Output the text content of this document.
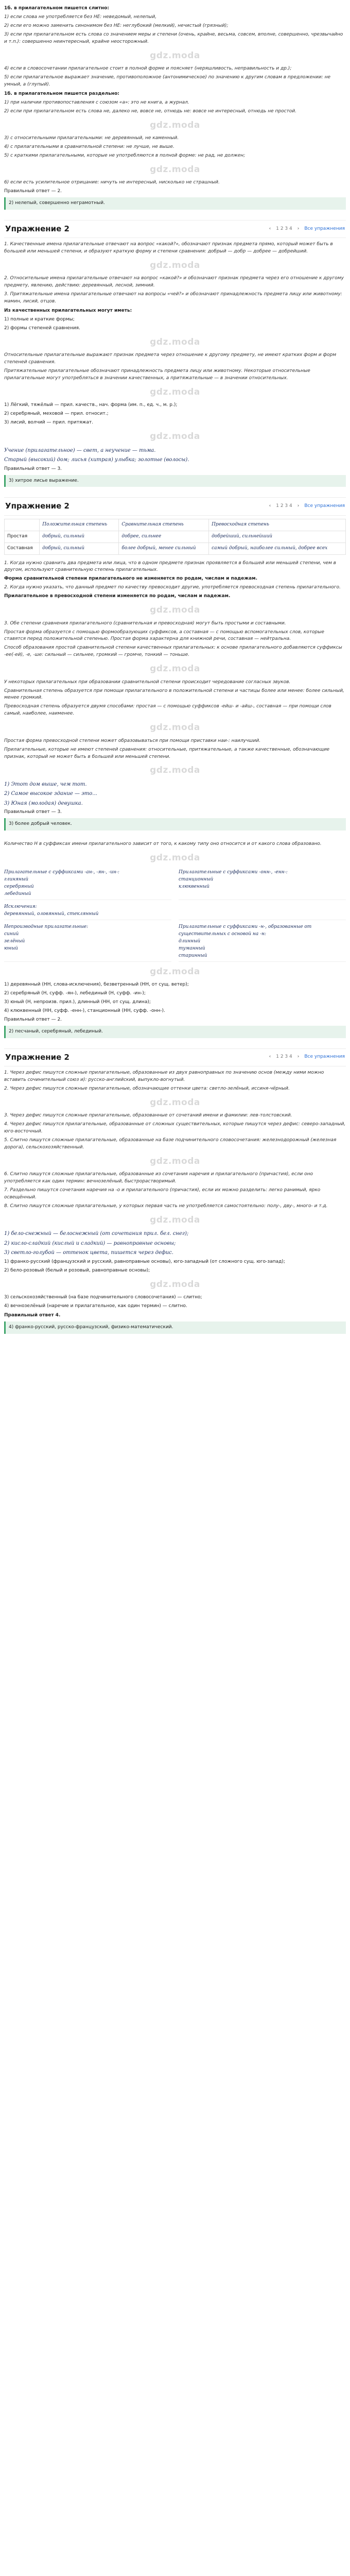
1б. в прилагательном пишется слитно:
1) если слова не употребляется без НЕ: неведомый, нелепый,
2) если его можно заменить синонимом без НЕ: неглубокий (мелкий), нечистый (грязный);
3) если при прилагательном есть слова со значением меры и степени (очень, крайне, весьма, совсем, вполне, совершенно, чрезвычайно и т.п.): совершенно неинтересный, крайне неосторожный.
gdz.moda
4) если в словосочетании прилагательное стоит в полной форме и поясняет (неряшливость, неправильность и др.);
5) если прилагательное выражает значение, противоположное (антонимическое) по значению к другим словам в предложении: не умный, а (глупый).
1б. в прилагательном пишется раздельно:
1) при наличии противопоставления с союзом «а»: это не книга, а журнал.
2) если при прилагательном есть слова не, далеко не, вовсе не, отнюдь не: вовсе не интересный, отнюдь не простой.
gdz.moda
3) с относительными прилагательными: не деревянный, не каменный.
4) с прилагательными в сравнительной степени: не лучше, не выше.
5) с краткими прилагательными, которые не употребляются в полной форме: не рад, не должен;
gdz.moda
6) если есть усилительное отрицание: ничуть не интересный, нисколько не страшный.
Правильный ответ — 2.
2) нелепый, совершенно неграмотный.
Упражнение 2	‹ 1 2 3 4 › Все упражнения
1. Качественные имена прилагательные отвечают на вопрос «какой?», обозначают признак предмета прямо, который может быть в большей или меньшей степени, и образуют краткую форму и степени сравнения: добрый — добр — добрее — добрейший.
gdz.moda
2. Относительные имена прилагательные отвечают на вопрос «какой?» и обозначают признак предмета через его отношение к другому предмету, явлению, действию: деревянный, лесной, зимний.
3. Притяжательные имена прилагательные отвечают на вопросы «чей?» и обозначают принадлежность предмета лицу или животному: мамин, лисий, отцов.
Из качественных прилагательных могут иметь:
1) полные и краткие формы;
2) формы степеней сравнения.
gdz.moda
Относительные прилагательные выражают признак предмета через отношение к другому предмету, не имеют кратких форм и форм степеней сравнения.
Притяжательные прилагательные обозначают принадлежность предмета лицу или животному. Некоторые относительные прилагательные могут употребляться в значении качественных, а притяжательные — в значении относительных.
gdz.moda
1) Лёгкий, тяжёлый — прил. качеств., нач. форма (им. п., ед. ч., м. р.);
2) серебряный, меховой — прил. относит.;
3) лисий, волчий — прил. притяжат.
gdz.moda
Учение (прилагательное) — свет, а неучение — тьма.
Старый (высокий) дом; лисья (хитрая) улыбка; золотые (волосы).
Правильный ответ — 3.
3) хитрое лисье выражение.
Упражнение 2	‹ 1 2 3 4 › Все упражнения
	Положительная степень	Сравнительная степень	Превосходная степень
Простая	добрый, сильный	добрее, сильнее	добрейший, сильнейший
Составная	добрый, сильный	более добрый, менее сильный	самый добрый, наиболее сильный, добрее всех
1. Когда нужно сравнить два предмета или лица, что в одном предмете признак проявляется в большей или меньшей степени, чем в другом, используют сравнительную степень прилагательных.
Форма сравнительной степени прилагательного не изменяется по родам, числам и падежам.
2. Когда нужно указать, что данный предмет по качеству превосходит другие, употребляется превосходная степень прилагательного.
Прилагательное в превосходной степени изменяется по родам, числам и падежам.
gdz.moda
3. Обе степени сравнения прилагательного (сравнительная и превосходная) могут быть простыми и составными.
Простая форма образуется с помощью формообразующих суффиксов, а составная — с помощью вспомогательных слов, которые ставятся перед положительной степенью. Простая форма характерна для книжной речи, составная — нейтральна.
Способ образования простой сравнительной степени качественных прилагательных: к основе прилагательного добавляются суффиксы -ее(-ей), -е, -ше: сильный — сильнее, громкий — громче, тонкий — тоньше.
gdz.moda
У некоторых прилагательных при образовании сравнительной степени происходит чередование согласных звуков.
Сравнительная степень образуется при помощи прилагательного в положительной степени и частицы более или менее: более сильный, менее громкий.
Превосходная степень образуется двумя способами: простая — с помощью суффиксов -ейш- и -айш-, составная — при помощи слов самый, наиболее, наименее.
gdz.moda
Простая форма превосходной степени может образовываться при помощи приставки наи-: наилучший.
Прилагательные, которые не имеют степеней сравнения: относительные, притяжательные, а также качественные, обозначающие признак, который не может быть в большей или меньшей степени.
gdz.moda
1) Этот дом выше, чем тот.
2) Самое высокое здание — это...
3) Юная (молодая) девушка.
Правильный ответ — 3.
3) более добрый человек.
Количество Н в суффиксах имени прилагательного зависит от того, к какому типу оно относится и от какого слова образовано.
gdz.moda
Прилагательные с суффиксами -ан-, -ян-, -ин-:
глиняный
серебряный
лебединый
Прилагательные с суффиксами -онн-, -енн-:
станционный
клюквенный
Исключения:
деревянный, оловянный, стеклянный
Непроизводные прилагательные:
синий
зелёный
юный
Прилагательные с суффиксами -н-, образованные от существительных с основой на -н:
длинный
туманный
старинный
gdz.moda
1) деревянный (НН, слова-исключения), безветренный (НН, от сущ. ветер);
2) серебряный (Н, суфф. -ян-), лебединый (Н, суфф. -ин-);
3) юный (Н, непроизв. прил.), длинный (НН, от сущ. длина);
4) клюквенный (НН, суфф. -енн-), станционный (НН, суфф. -онн-).
Правильный ответ — 2.
2) песчаный, серебряный, лебединый.
Упражнение 2	‹ 1 2 3 4 › Все упражнения
1. Через дефис пишутся сложные прилагательные, образованные из двух равноправных по значению основ (между ними можно вставить сочинительный союз и): русско-английский, выпукло-вогнутый.
2. Через дефис пишутся сложные прилагательные, обозначающие оттенки цвета: светло-зелёный, иссиня-чёрный.
gdz.moda
3. Через дефис пишутся сложные прилагательные, образованные от сочетаний имени и фамилии: лев-толстовский.
4. Через дефис пишутся прилагательные, образованные от сложных существительных, которые пишутся через дефис: северо-западный, юго-восточный.
5. Слитно пишутся сложные прилагательные, образованные на базе подчинительного словосочетания: железнодорожный (железная дорога), сельскохозяйственный.
gdz.moda
6. Слитно пишутся сложные прилагательные, образованные из сочетания наречия и прилагательного (причастия), если оно употребляется как один термин: вечнозелёный, быстрорастворимый.
7. Раздельно пишутся сочетания наречия на -о и прилагательного (причастия), если их можно разделить: легко ранимый, ярко освещённый.
8. Слитно пишутся сложные прилагательные, у которых первая часть не употребляется самостоятельно: полу-, дву-, много- и т.д.
gdz.moda
1) бело-снежный — белоснежный (от сочетания прил. бел. снег);
2) кисло-сладкий (кислый и сладкий) — равноправные основы;
3) светло-голубой — оттенок цвета, пишется через дефис.
1) франко-русский (французский и русский, равноправные основы), юго-западный (от сложного сущ. юго-запад);
2) бело-розовый (белый и розовый, равноправные основы);
gdz.moda
3) сельскохозяйственный (на базе подчинительного словосочетания) — слитно;
4) вечнозелёный (наречие и прилагательное, как один термин) — слитно.
Правильный ответ 4.
4) франко-русский, русско-французский, физико-математический.
